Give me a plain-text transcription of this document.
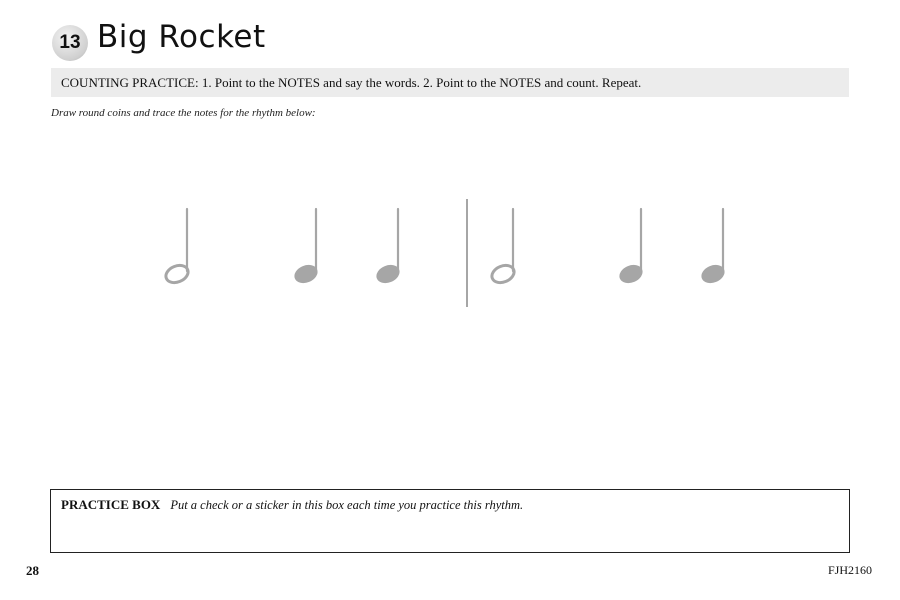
13 Big Rocket
COUNTING PRACTICE: 1. Point to the NOTES and say the words. 2. Point to the NOTES and count. Repeat.
Draw round coins and trace the notes for the rhythm below:
PRACTICE BOX Put a check or a sticker in this box each time you practice this rhythm.
28	FJH2160
